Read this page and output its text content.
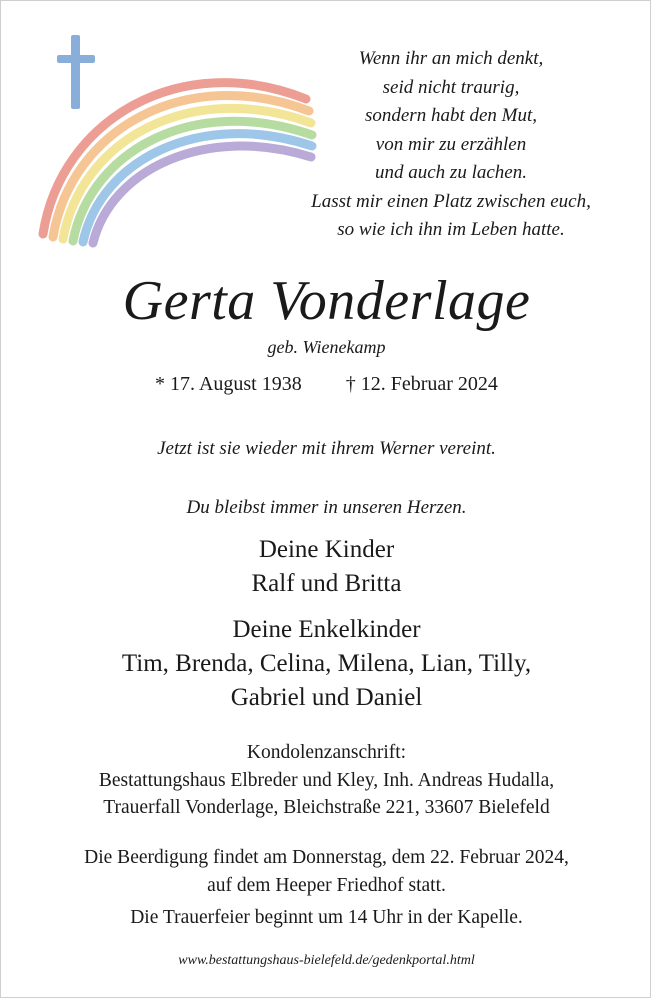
Wenn ihr an mich denkt,
seid nicht traurig,
sondern habt den Mut,
von mir zu erzählen
und auch zu lachen.
Lasst mir einen Platz zwischen euch,
so wie ich ihn im Leben hatte.
Gerta Vonderlage
geb. Wienekamp
* 17. August 1938 † 12. Februar 2024
Jetzt ist sie wieder mit ihrem Werner vereint.
Du bleibst immer in unseren Herzen.
Deine Kinder
Ralf und Britta
Deine Enkelkinder
Tim, Brenda, Celina, Milena, Lian, Tilly,
Gabriel und Daniel
Kondolenzanschrift:
Bestattungshaus Elbreder und Kley, Inh. Andreas Hudalla,
Trauerfall Vonderlage, Bleichstraße 221, 33607 Bielefeld
Die Beerdigung findet am Donnerstag, dem 22. Februar 2024,
auf dem Heeper Friedhof statt.
Die Trauerfeier beginnt um 14 Uhr in der Kapelle.
www.bestattungshaus-bielefeld.de/gedenkportal.html
